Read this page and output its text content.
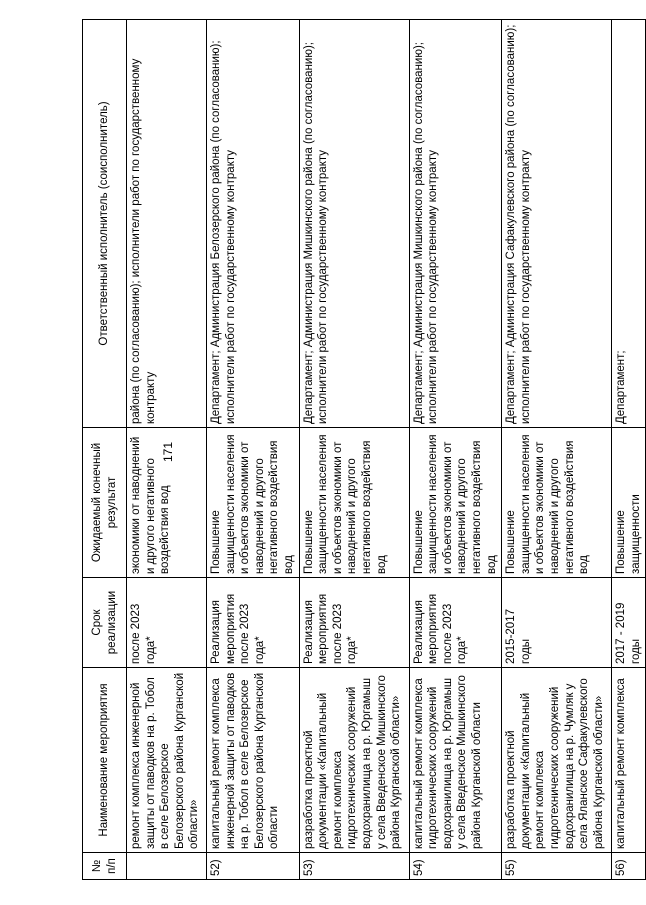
171
№ п/п	Наименование мероприятия	Срок реализации	Ожидаемый конечный результат	Ответственный исполнитель (соисполнитель)
	ремонт комплекса инженерной защиты от паводков на р. Тобол в селе Белозерское Белозерского района Курганской области»	после 2023 года*	экономики от наводнений и другого негативного воздействия вод	района (по согласованию); исполнители работ по государственному контракту
52)	капитальный ремонт комплекса инженерной защиты от паводков на р. Тобол в селе Белозерское Белозерского района Курганской области	Реализация мероприятия после 2023 года*	Повышение защищенности населения и объектов экономики от наводнений и другого негативного воздействия вод	Департамент; Администрация Белозерского района (по согласованию); исполнители работ по государственному контракту
53)	разработка проектной документации «Капитальный ремонт комплекса гидротехнических сооружений водохранилища на р. Юргамыш у села Введенское Мишкинского района Курганской области»	Реализация мероприятия после 2023 года*	Повышение защищенности населения и объектов экономики от наводнений и другого негативного воздействия вод	Департамент; Администрация Мишкинского района (по согласованию); исполнители работ по государственному контракту
54)	капитальный ремонт комплекса гидротехнических сооружений водохранилища на р. Юргамыш у села Введенское Мишкинского района Курганской области	Реализация мероприятия после 2023 года*	Повышение защищенности населения и объектов экономики от наводнений и другого негативного воздействия вод	Департамент; Администрация Мишкинского района (по согласованию); исполнители работ по государственному контракту
55)	разработка проектной документации «Капитальный ремонт комплекса гидротехнических сооружений водохранилища на р. Чумляк у села Яланское Сафакулевского района Курганской области»	2015-2017 годы	Повышение защищенности населения и объектов экономики от наводнений и другого негативного воздействия вод	Департамент; Администрация Сафакулевского района (по согласованию); исполнители работ по государственному контракту
56)	капитальный ремонт комплекса	2017 - 2019 годы	Повышение защищенности	Департамент;
